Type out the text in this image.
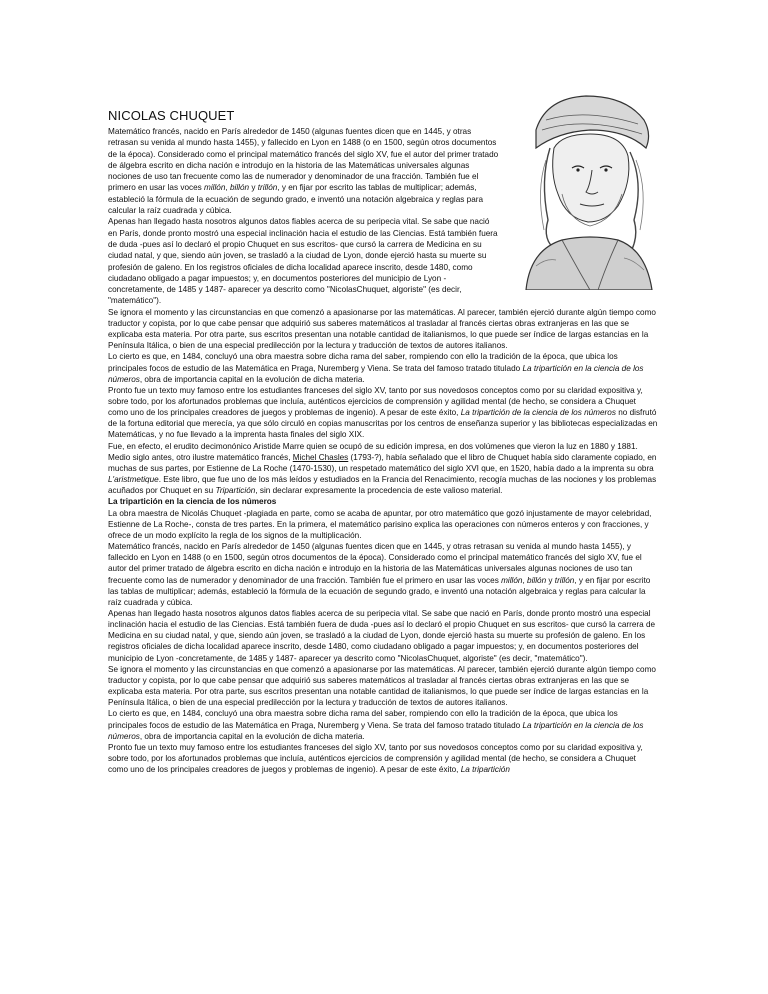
NICOLAS CHUQUET

Matemático francés, nacido en París alrededor de 1450 (algunas fuentes dicen que en 1445, y otras retrasan su venida al mundo hasta 1455), y fallecido en Lyon en 1488 (o en 1500, según otros documentos de la época). Considerado como el principal matemático francés del siglo XV, fue el autor del primer tratado de álgebra escrito en dicha nación e introdujo en la historia de las Matemáticas universales algunas nociones de uso tan frecuente como las de numerador y denominador de una fracción. También fue el primero en usar las voces millón, billón y trillón, y en fijar por escrito las tablas de multiplicar; además, estableció la fórmula de la ecuación de segundo grado, e inventó una notación algebraica y reglas para calcular la raíz cuadrada y cúbica.

Apenas han llegado hasta nosotros algunos datos fiables acerca de su peripecia vital. Se sabe que nació en París, donde pronto mostró una especial inclinación hacia el estudio de las Ciencias. Está también fuera de duda -pues así lo declaró el propio Chuquet en sus escritos- que cursó la carrera de Medicina en su ciudad natal, y que, siendo aún joven, se trasladó a la ciudad de Lyon, donde ejerció hasta su muerte su profesión de galeno. En los registros oficiales de dicha localidad aparece inscrito, desde 1480, como ciudadano obligado a pagar impuestos; y, en documentos posteriores del municipio de Lyon -concretamente, de 1485 y 1487- aparecer ya descrito como "NicolasChuquet, algoriste" (es decir, "matemático").

Se ignora el momento y las circunstancias en que comenzó a apasionarse por las matemáticas. Al parecer, también ejerció durante algún tiempo como traductor y copista, por lo que cabe pensar que adquirió sus saberes matemáticos al trasladar al francés ciertas obras extranjeras en las que se explicaba esta materia. Por otra parte, sus escritos presentan una notable cantidad de italianismos, lo que puede ser índice de largas estancias en la Península Itálica, o bien de una especial predilección por la lectura y traducción de textos de autores italianos.

Lo cierto es que, en 1484, concluyó una obra maestra sobre dicha rama del saber, rompiendo con ello la tradición de la época, que ubica los principales focos de estudio de las Matemática en Praga, Nuremberg y Viena. Se trata del famoso tratado titulado La tripartición en la ciencia de los números, obra de importancia capital en la evolución de dicha materia.

Pronto fue un texto muy famoso entre los estudiantes franceses del siglo XV, tanto por sus novedosos conceptos como por su claridad expositiva y, sobre todo, por los afortunados problemas que incluía, auténticos ejercicios de comprensión y agilidad mental (de hecho, se considera a Chuquet como uno de los principales creadores de juegos y problemas de ingenio). A pesar de este éxito, La tripartición de la ciencia de los números no disfrutó de la fortuna editorial que merecía, ya que sólo circuló en copias manuscritas por los centros de enseñanza superior y las bibliotecas especializadas en Matemáticas, y no fue llevado a la imprenta hasta finales del siglo XIX.

Fue, en efecto, el erudito decimonónico Aristide Marre quien se ocupó de su edición impresa, en dos volúmenes que vieron la luz en 1880 y 1881. Medio siglo antes, otro ilustre matemático francés, Michel Chasles (1793-?), había señalado que el libro de Chuquet había sido claramente copiado, en muchas de sus partes, por Estienne de La Roche (1470-1530), un respetado matemático del siglo XVI que, en 1520, había dado a la imprenta su obra L'aristmetique. Este libro, que fue uno de los más leídos y estudiados en la Francia del Renacimiento, recogía muchas de las nociones y los problemas acuñados por Chuquet en su Tripartición, sin declarar expresamente la procedencia de este valioso material.

La tripartición en la ciencia de los números

La obra maestra de Nicolás Chuquet -plagiada en parte, como se acaba de apuntar, por otro matemático que gozó injustamente de mayor celebridad, Estienne de La Roche-, consta de tres partes. En la primera, el matemático parisino explica las operaciones con números enteros y con fracciones, y ofrece de un modo explícito la regla de los signos de la multiplicación.

Matemático francés, nacido en París alrededor de 1450 (algunas fuentes dicen que en 1445, y otras retrasan su venida al mundo hasta 1455), y fallecido en Lyon en 1488 (o en 1500, según otros documentos de la época). Considerado como el principal matemático francés del siglo XV, fue el autor del primer tratado de álgebra escrito en dicha nación e introdujo en la historia de las Matemáticas universales algunas nociones de uso tan frecuente como las de numerador y denominador de una fracción. También fue el primero en usar las voces millón, billón y trillón, y en fijar por escrito las tablas de multiplicar; además, estableció la fórmula de la ecuación de segundo grado, e inventó una notación algebraica y reglas para calcular la raíz cuadrada y cúbica.

Apenas han llegado hasta nosotros algunos datos fiables acerca de su peripecia vital. Se sabe que nació en París, donde pronto mostró una especial inclinación hacia el estudio de las Ciencias. Está también fuera de duda -pues así lo declaró el propio Chuquet en sus escritos- que cursó la carrera de Medicina en su ciudad natal, y que, siendo aún joven, se trasladó a la ciudad de Lyon, donde ejerció hasta su muerte su profesión de galeno. En los registros oficiales de dicha localidad aparece inscrito, desde 1480, como ciudadano obligado a pagar impuestos; y, en documentos posteriores del municipio de Lyon -concretamente, de 1485 y 1487- aparecer ya descrito como "NicolasChuquet, algoriste" (es decir, "matemático").

Se ignora el momento y las circunstancias en que comenzó a apasionarse por las matemáticas. Al parecer, también ejerció durante algún tiempo como traductor y copista, por lo que cabe pensar que adquirió sus saberes matemáticos al trasladar al francés ciertas obras extranjeras en las que se explicaba esta materia. Por otra parte, sus escritos presentan una notable cantidad de italianismos, lo que puede ser índice de largas estancias en la Península Itálica, o bien de una especial predilección por la lectura y traducción de textos de autores italianos.

Lo cierto es que, en 1484, concluyó una obra maestra sobre dicha rama del saber, rompiendo con ello la tradición de la época, que ubica los principales focos de estudio de las Matemática en Praga, Nuremberg y Viena. Se trata del famoso tratado titulado La tripartición en la ciencia de los números, obra de importancia capital en la evolución de dicha materia.

Pronto fue un texto muy famoso entre los estudiantes franceses del siglo XV, tanto por sus novedosos conceptos como por su claridad expositiva y, sobre todo, por los afortunados problemas que incluía, auténticos ejercicios de comprensión y agilidad mental (de hecho, se considera a Chuquet como uno de los principales creadores de juegos y problemas de ingenio). A pesar de este éxito, La tripartición
